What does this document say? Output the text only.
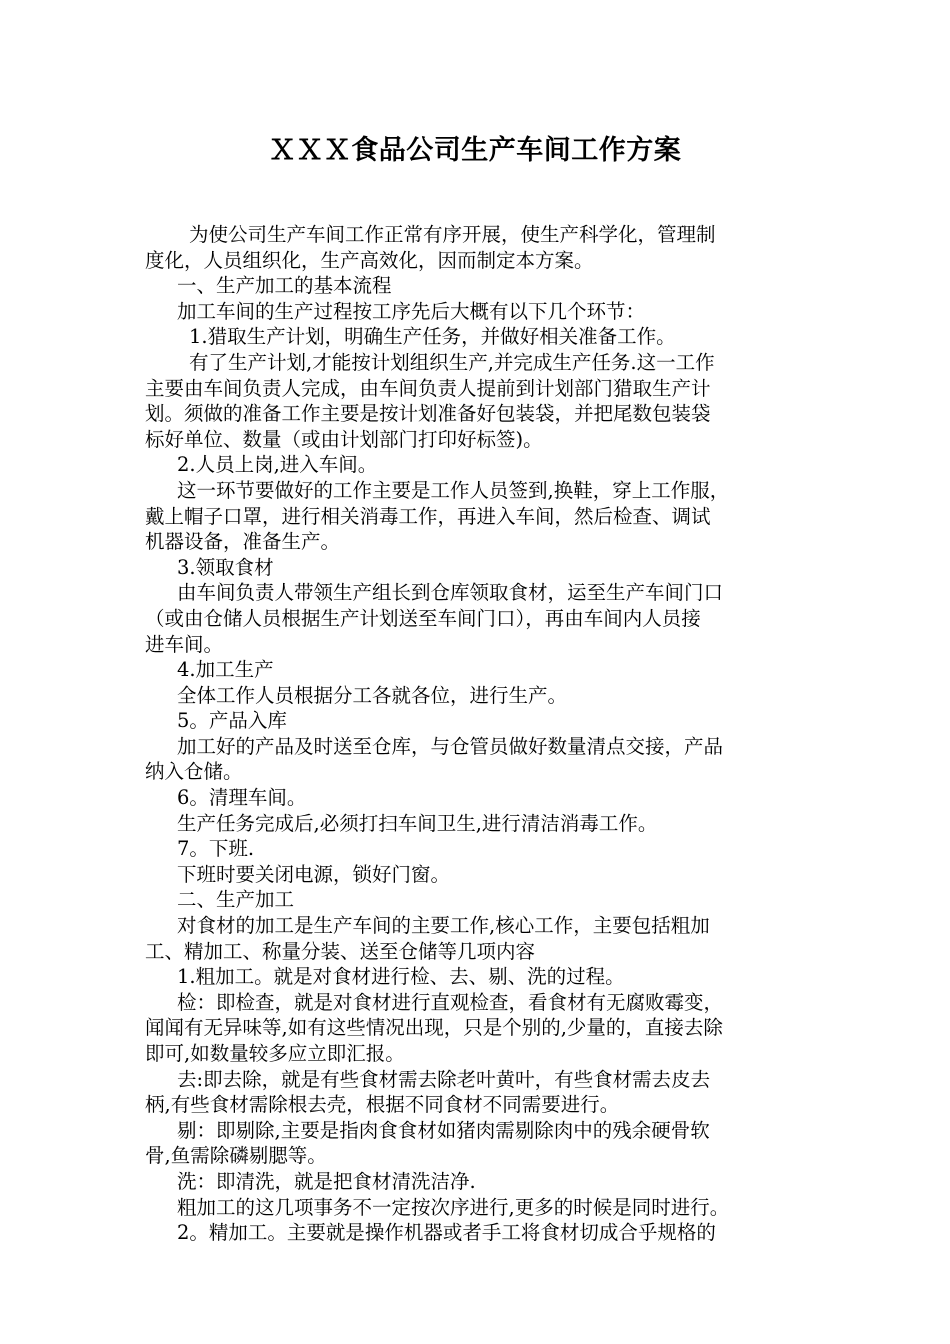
ＸＸＸ食品公司生产车间工作方案
为使公司生产车间工作正常有序开展，使生产科学化，管理制
度化，人员组织化，生产高效化，因而制定本方案。
一、生产加工的基本流程
加工车间的生产过程按工序先后大概有以下几个环节：
1.猎取生产计划，明确生产任务，并做好相关准备工作。
有了生产计划,才能按计划组织生产,并完成生产任务.这一工作
主要由车间负责人完成，由车间负责人提前到计划部门猎取生产计
划。须做的准备工作主要是按计划准备好包装袋，并把尾数包装袋
标好单位、数量（或由计划部门打印好标签)。
2.人员上岗,进入车间。
这一环节要做好的工作主要是工作人员签到,换鞋，穿上工作服，
戴上帽子口罩，进行相关消毒工作，再进入车间，然后检查、调试
机器设备，准备生产。
3.领取食材
由车间负责人带领生产组长到仓库领取食材，运至生产车间门口
（或由仓储人员根据生产计划送至车间门口），再由车间内人员接
进车间。
4.加工生产
全体工作人员根据分工各就各位，进行生产。
5。产品入库
加工好的产品及时送至仓库，与仓管员做好数量清点交接，产品
纳入仓储。
6。清理车间。
生产任务完成后,必须打扫车间卫生,进行清洁消毒工作。
7。下班.
下班时要关闭电源，锁好门窗。
二、生产加工
对食材的加工是生产车间的主要工作,核心工作，主要包括粗加
工、精加工、称量分装、送至仓储等几项内容
1.粗加工。就是对食材进行检、去、剔、洗的过程。
检：即检查，就是对食材进行直观检查，看食材有无腐败霉变，
闻闻有无异味等,如有这些情况出现，只是个别的,少量的，直接去除
即可,如数量较多应立即汇报。
去:即去除，就是有些食材需去除老叶黄叶，有些食材需去皮去
柄,有些食材需除根去壳，根据不同食材不同需要进行。
剔：即剔除,主要是指肉食食材如猪肉需剔除肉中的残余硬骨软
骨,鱼需除磷剔腮等。
洗：即清洗，就是把食材清洗洁净.
粗加工的这几项事务不一定按次序进行,更多的时候是同时进行。
2。精加工。主要就是操作机器或者手工将食材切成合乎规格的
